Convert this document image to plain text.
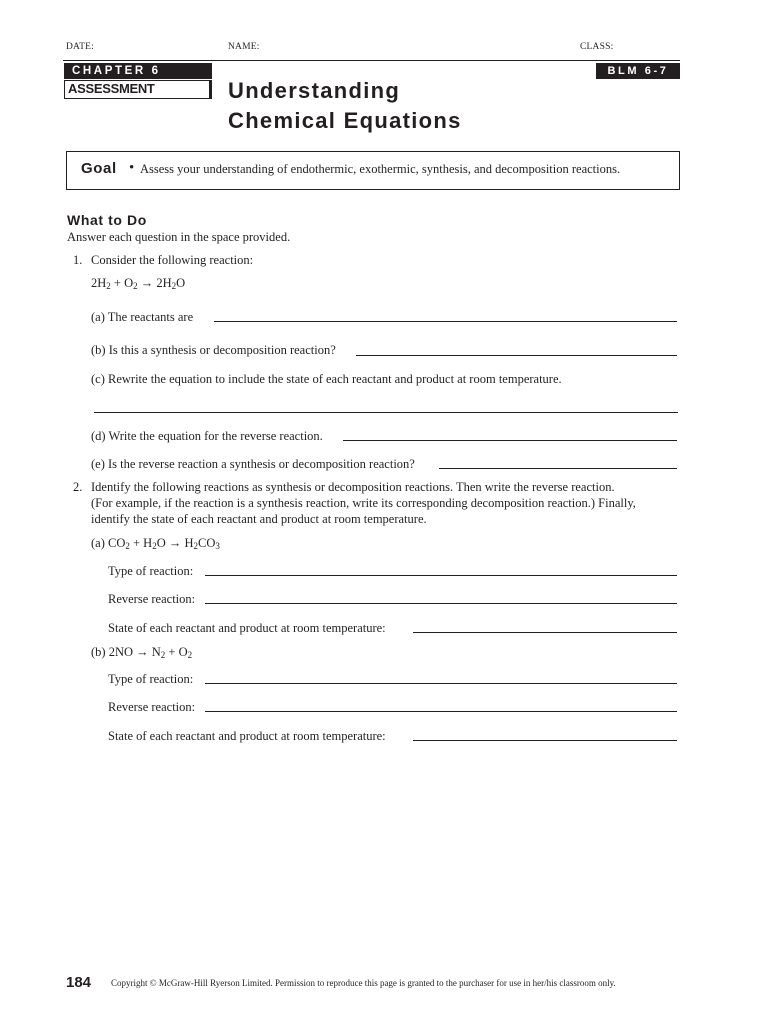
DATE:	NAME:	CLASS:
CHAPTER 6
ASSESSMENT
BLM 6-7
Understanding
Chemical Equations
Goal • Assess your understanding of endothermic, exothermic, synthesis, and decomposition reactions.
What to Do
Answer each question in the space provided.
1. Consider the following reaction:
$2H_2 + O_2 \to 2H_2O$
(a) The reactants are
(b) Is this a synthesis or decomposition reaction?
(c) Rewrite the equation to include the state of each reactant and product at room temperature.
(d) Write the equation for the reverse reaction.
(e) Is the reverse reaction a synthesis or decomposition reaction?
2. Identify the following reactions as synthesis or decomposition reactions. Then write the reverse reaction.
(For example, if the reaction is a synthesis reaction, write its corresponding decomposition reaction.) Finally,
identify the state of each reactant and product at room temperature.
(a) $CO_2 + H_2O \to H_2CO_3$
Type of reaction:
Reverse reaction:
State of each reactant and product at room temperature:
(b) $2NO \to N_2 + O_2$
Type of reaction:
Reverse reaction:
State of each reactant and product at room temperature:
184 Copyright © McGraw-Hill Ryerson Limited. Permission to reproduce this page is granted to the purchaser for use in her/his classroom only.
